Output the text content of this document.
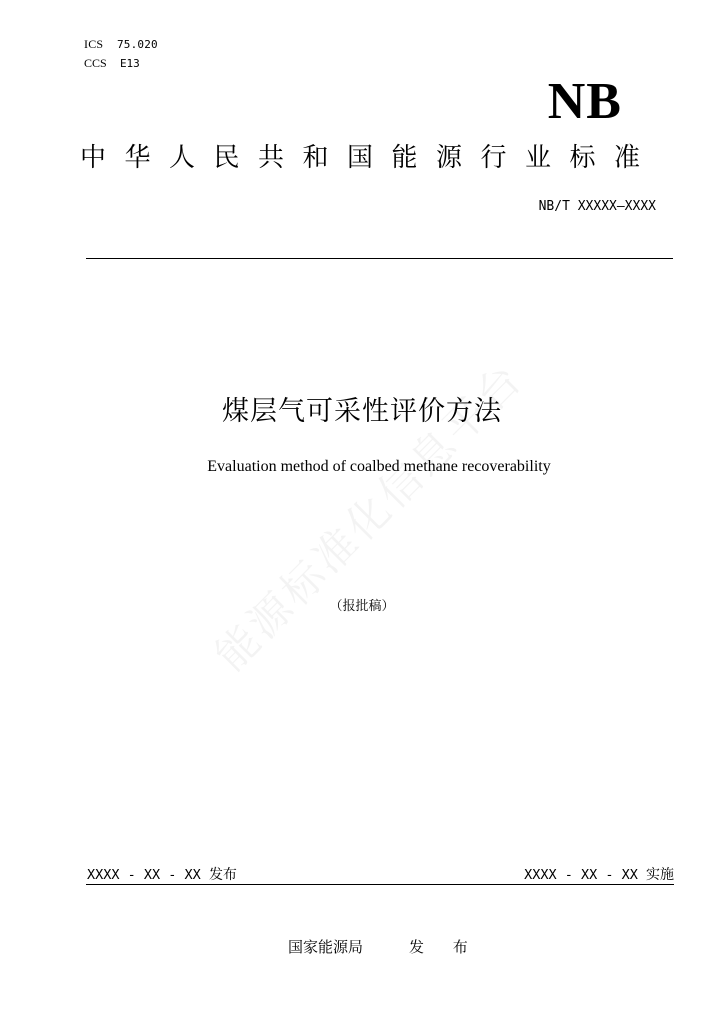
ICS 75.020
CCS E13
NB
中华人民共和国能源行业标准
NB/T XXXXX—XXXX
煤层气可采性评价方法
Evaluation method of coalbed methane recoverability
（报批稿）
XXXX - XX - XX 发布	XXXX - XX - XX 实施
国家能源局	发 布
